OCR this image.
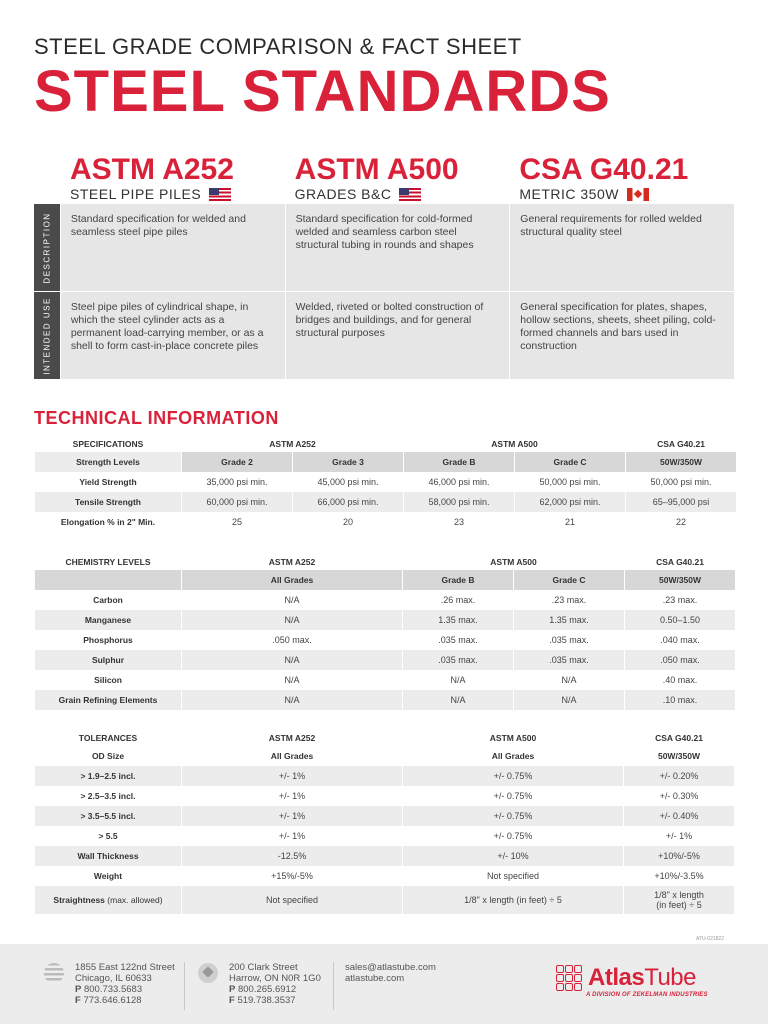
STEEL GRADE COMPARISON & FACT SHEET
STEEL STANDARDS
ASTM A252
STEEL PIPE PILES
ASTM A500
GRADES B&C
CSA G40.21
METRIC 350W
DESCRIPTION	Standard specification for welded and seamless steel pipe piles
Standard specification for cold-formed welded and seamless carbon steel structural tubing in rounds and shapes
General requirements for rolled welded structural quality steel
INTENDED USE	Steel pipe piles of cylindrical shape, in which the steel cylinder acts as a permanent load-carrying member, or as a shell to form cast-in-place concrete piles
Welded, riveted or bolted construction of bridges and buildings, and for general structural purposes
General specification for plates, shapes, hollow sections, sheets, sheet piling, cold-formed channels and bars used in construction
TECHNICAL INFORMATION
SPECIFICATIONS	ASTM A252		ASTM A500		CSA G40.21
Strength Levels	Grade 2	Grade 3	Grade B	Grade C	50W/350W
Yield Strength	35,000 psi min.	45,000 psi min.	46,000 psi min.	50,000 psi min.	50,000 psi min.
Tensile Strength	60,000 psi min.	66,000 psi min.	58,000 psi min.	62,000 psi min.	65–95,000 psi
Elongation % in 2" Min.	25	20	23	21	22
CHEMISTRY LEVELS	ASTM A252	ASTM A500		CSA G40.21
	All Grades	Grade B	Grade C	50W/350W
Carbon	N/A	.26 max.	.23 max.	.23 max.
Manganese	N/A	1.35 max.	1.35 max.	0.50–1.50
Phosphorus	.050 max.	.035 max.	.035 max.	.040 max.
Sulphur	N/A	.035 max.	.035 max.	.050 max.
Silicon	N/A	N/A	N/A	.40 max.
Grain Refining Elements	N/A	N/A	N/A	.10 max.
TOLERANCES	ASTM A252	ASTM A500	CSA G40.21
OD Size	All Grades	All Grades	50W/350W
> 1.9–2.5 incl.	+/- 1%	+/- 0.75%	+/- 0.20%
> 2.5–3.5 incl.	+/- 1%	+/- 0.75%	+/- 0.30%
> 3.5–5.5 incl.	+/- 1%	+/- 0.75%	+/- 0.40%
> 5.5	+/- 1%	+/- 0.75%	+/- 1%
Wall Thickness	-12.5%	+/- 10%	+10%/-5%
Weight	+15%/-5%	Not specified	+10%/-3.5%
Straightness (max. allowed)	Not specified	1/8" x length (in feet) ÷ 5	1/8" x length
(in feet) ÷ 5
ATU-021822
1855 East 122nd Street
Chicago, IL 60633
P 800.733.5683
F 773.646.6128
200 Clark Street
Harrow, ON N0R 1G0
P 800.265.6912
F 519.738.3537
sales@atlastube.com
atlastube.com	AtlasTube
A DIVISION OF ZEKELMAN INDUSTRIES
